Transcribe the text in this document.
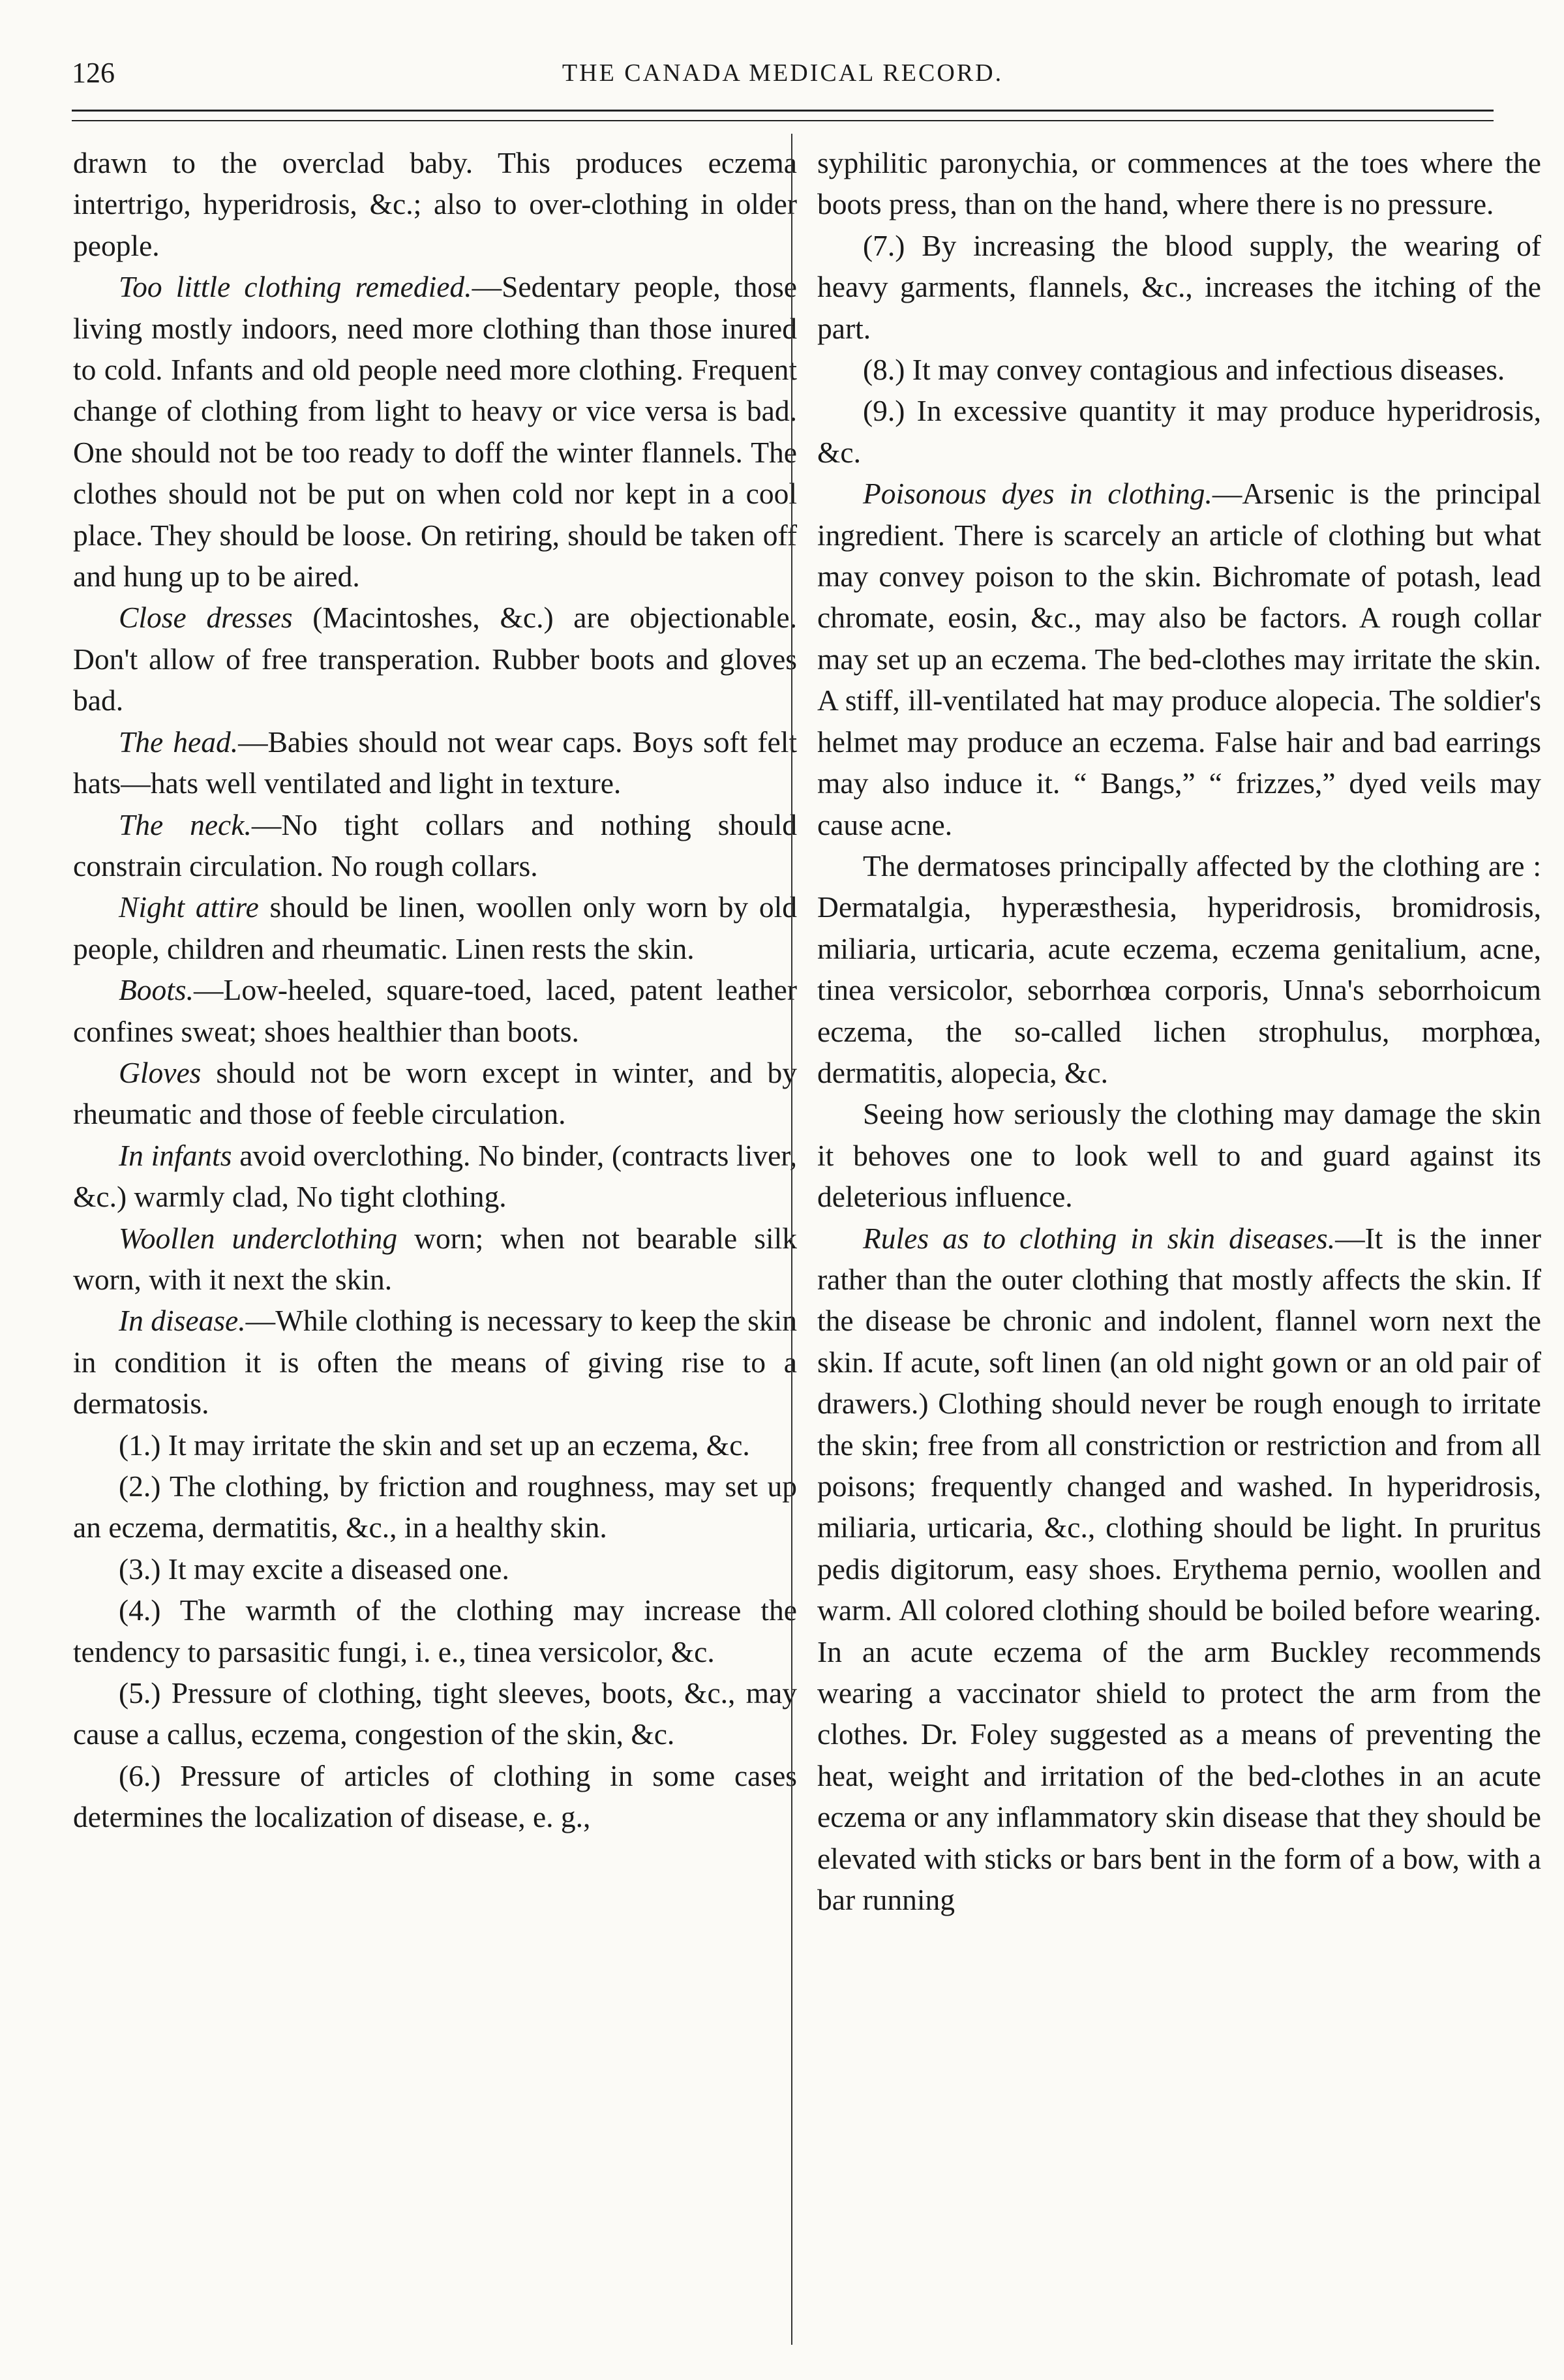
126	THE CANADA MEDICAL RECORD.

drawn to the overclad baby. This produces eczema intertrigo, hyperidrosis, &c.; also to over-clothing in older people.

Too little clothing remedied.—Sedentary people, those living mostly indoors, need more clothing than those inured to cold. Infants and old people need more clothing. Frequent change of clothing from light to heavy or vice versa is bad. One should not be too ready to doff the winter flannels. The clothes should not be put on when cold nor kept in a cool place. They should be loose. On retiring, should be taken off and hung up to be aired.

Close dresses (Macintoshes, &c.) are objectionable. Don't allow of free transperation. Rubber boots and gloves bad.

The head.—Babies should not wear caps. Boys soft felt hats—hats well ventilated and light in texture.

The neck.—No tight collars and nothing should constrain circulation. No rough collars.

Night attire should be linen, woollen only worn by old people, children and rheumatic. Linen rests the skin.

Boots.—Low-heeled, square-toed, laced, patent leather confines sweat; shoes healthier than boots.

Gloves should not be worn except in winter, and by rheumatic and those of feeble circulation.

In infants avoid overclothing. No binder, (contracts liver, &c.) warmly clad, No tight clothing.

Woollen underclothing worn; when not bearable silk worn, with it next the skin.

In disease.—While clothing is necessary to keep the skin in condition it is often the means of giving rise to a dermatosis.

(1.) It may irritate the skin and set up an eczema, &c.

(2.) The clothing, by friction and roughness, may set up an eczema, dermatitis, &c., in a healthy skin.

(3.) It may excite a diseased one.

(4.) The warmth of the clothing may increase the tendency to parsasitic fungi, i. e., tinea versicolor, &c.

(5.) Pressure of clothing, tight sleeves, boots, &c., may cause a callus, eczema, congestion of the skin, &c.

(6.) Pressure of articles of clothing in some cases determines the localization of disease, e. g.,

syphilitic paronychia, or commences at the toes where the boots press, than on the hand, where there is no pressure.

(7.) By increasing the blood supply, the wearing of heavy garments, flannels, &c., increases the itching of the part.

(8.) It may convey contagious and infectious diseases.

(9.) In excessive quantity it may produce hyperidrosis, &c.

Poisonous dyes in clothing.—Arsenic is the principal ingredient. There is scarcely an article of clothing but what may convey poison to the skin. Bichromate of potash, lead chromate, eosin, &c., may also be factors. A rough collar may set up an eczema. The bed-clothes may irritate the skin. A stiff, ill-ventilated hat may produce alopecia. The soldier's helmet may produce an eczema. False hair and bad earrings may also induce it. “ Bangs,” “ frizzes,” dyed veils may cause acne.

The dermatoses principally affected by the clothing are : Dermatalgia, hyperæsthesia, hyperidrosis, bromidrosis, miliaria, urticaria, acute eczema, eczema genitalium, acne, tinea versicolor, seborrhœa corporis, Unna's seborrhoicum eczema, the so-called lichen strophulus, morphœa, dermatitis, alopecia, &c.

Seeing how seriously the clothing may damage the skin it behoves one to look well to and guard against its deleterious influence.

Rules as to clothing in skin diseases.—It is the inner rather than the outer clothing that mostly affects the skin. If the disease be chronic and indolent, flannel worn next the skin. If acute, soft linen (an old night gown or an old pair of drawers.) Clothing should never be rough enough to irritate the skin; free from all constriction or restriction and from all poisons; frequently changed and washed. In hyperidrosis, miliaria, urticaria, &c., clothing should be light. In pruritus pedis digitorum, easy shoes. Erythema pernio, woollen and warm. All colored clothing should be boiled before wearing. In an acute eczema of the arm Buckley recommends wearing a vaccinator shield to protect the arm from the clothes. Dr. Foley suggested as a means of preventing the heat, weight and irritation of the bed-clothes in an acute eczema or any inflammatory skin disease that they should be elevated with sticks or bars bent in the form of a bow, with a bar running
